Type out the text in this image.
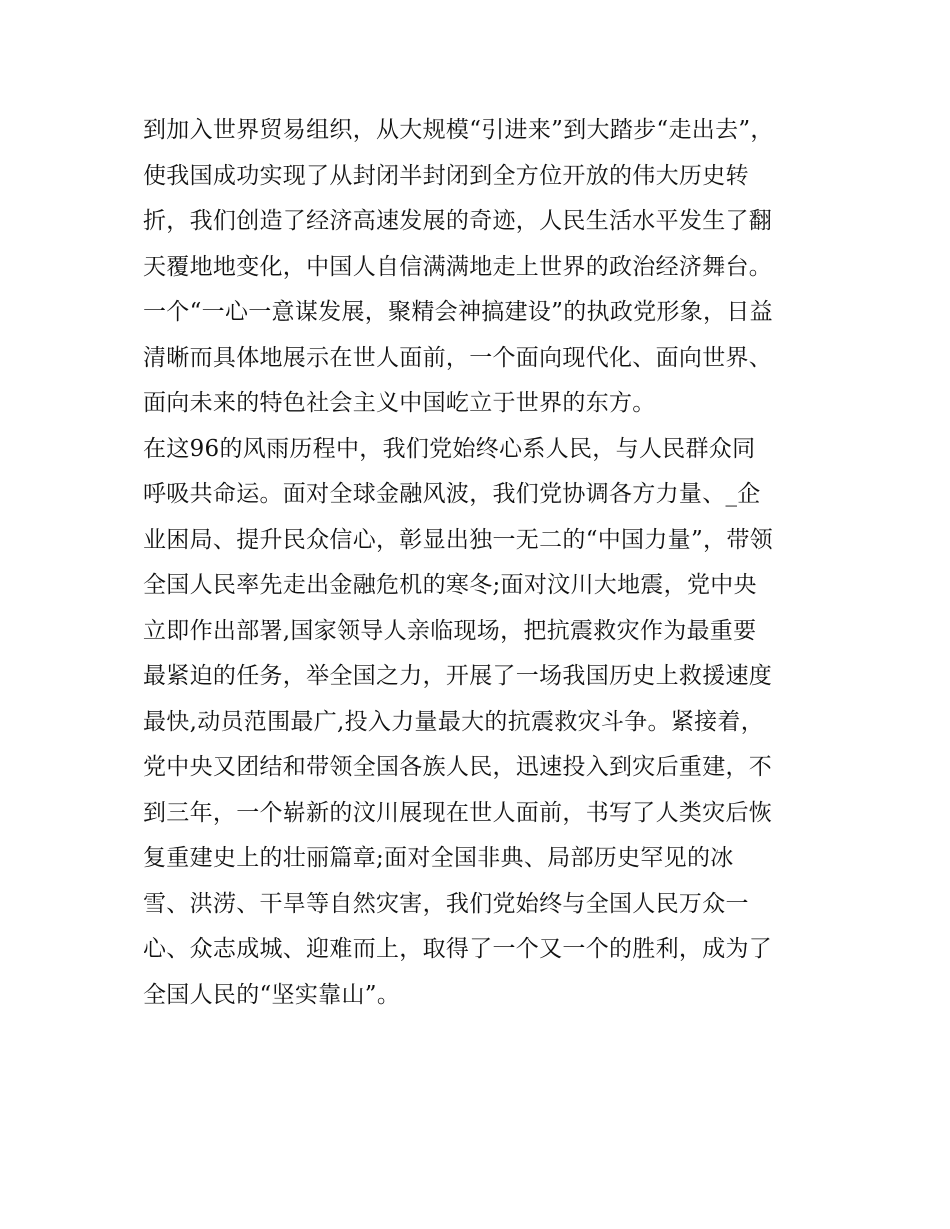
到加入世界贸易组织，从大规模“引进来”到大踏步“走出去”，
使我国成功实现了从封闭半封闭到全方位开放的伟大历史转
折，我们创造了经济高速发展的奇迹，人民生活水平发生了翻
天覆地地变化，中国人自信满满地走上世界的政治经济舞台。
一个“一心一意谋发展，聚精会神搞建设”的执政党形象，日益
清晰而具体地展示在世人面前，一个面向现代化、面向世界、
面向未来的特色社会主义中国屹立于世界的东方。
在这96的风雨历程中，我们党始终心系人民，与人民群众同
呼吸共命运。面对全球金融风波，我们党协调各方力量、_企
业困局、提升民众信心，彰显出独一无二的“中国力量”，带领
全国人民率先走出金融危机的寒冬;面对汶川大地震，党中央
立即作出部署,国家领导人亲临现场，把抗震救灾作为最重要
最紧迫的任务，举全国之力，开展了一场我国历史上救援速度
最快,动员范围最广,投入力量最大的抗震救灾斗争。紧接着，
党中央又团结和带领全国各族人民，迅速投入到灾后重建，不
到三年，一个崭新的汶川展现在世人面前，书写了人类灾后恢
复重建史上的壮丽篇章;面对全国非典、局部历史罕见的冰
雪、洪涝、干旱等自然灾害，我们党始终与全国人民万众一
心、众志成城、迎难而上，取得了一个又一个的胜利，成为了
全国人民的“坚实靠山”。
